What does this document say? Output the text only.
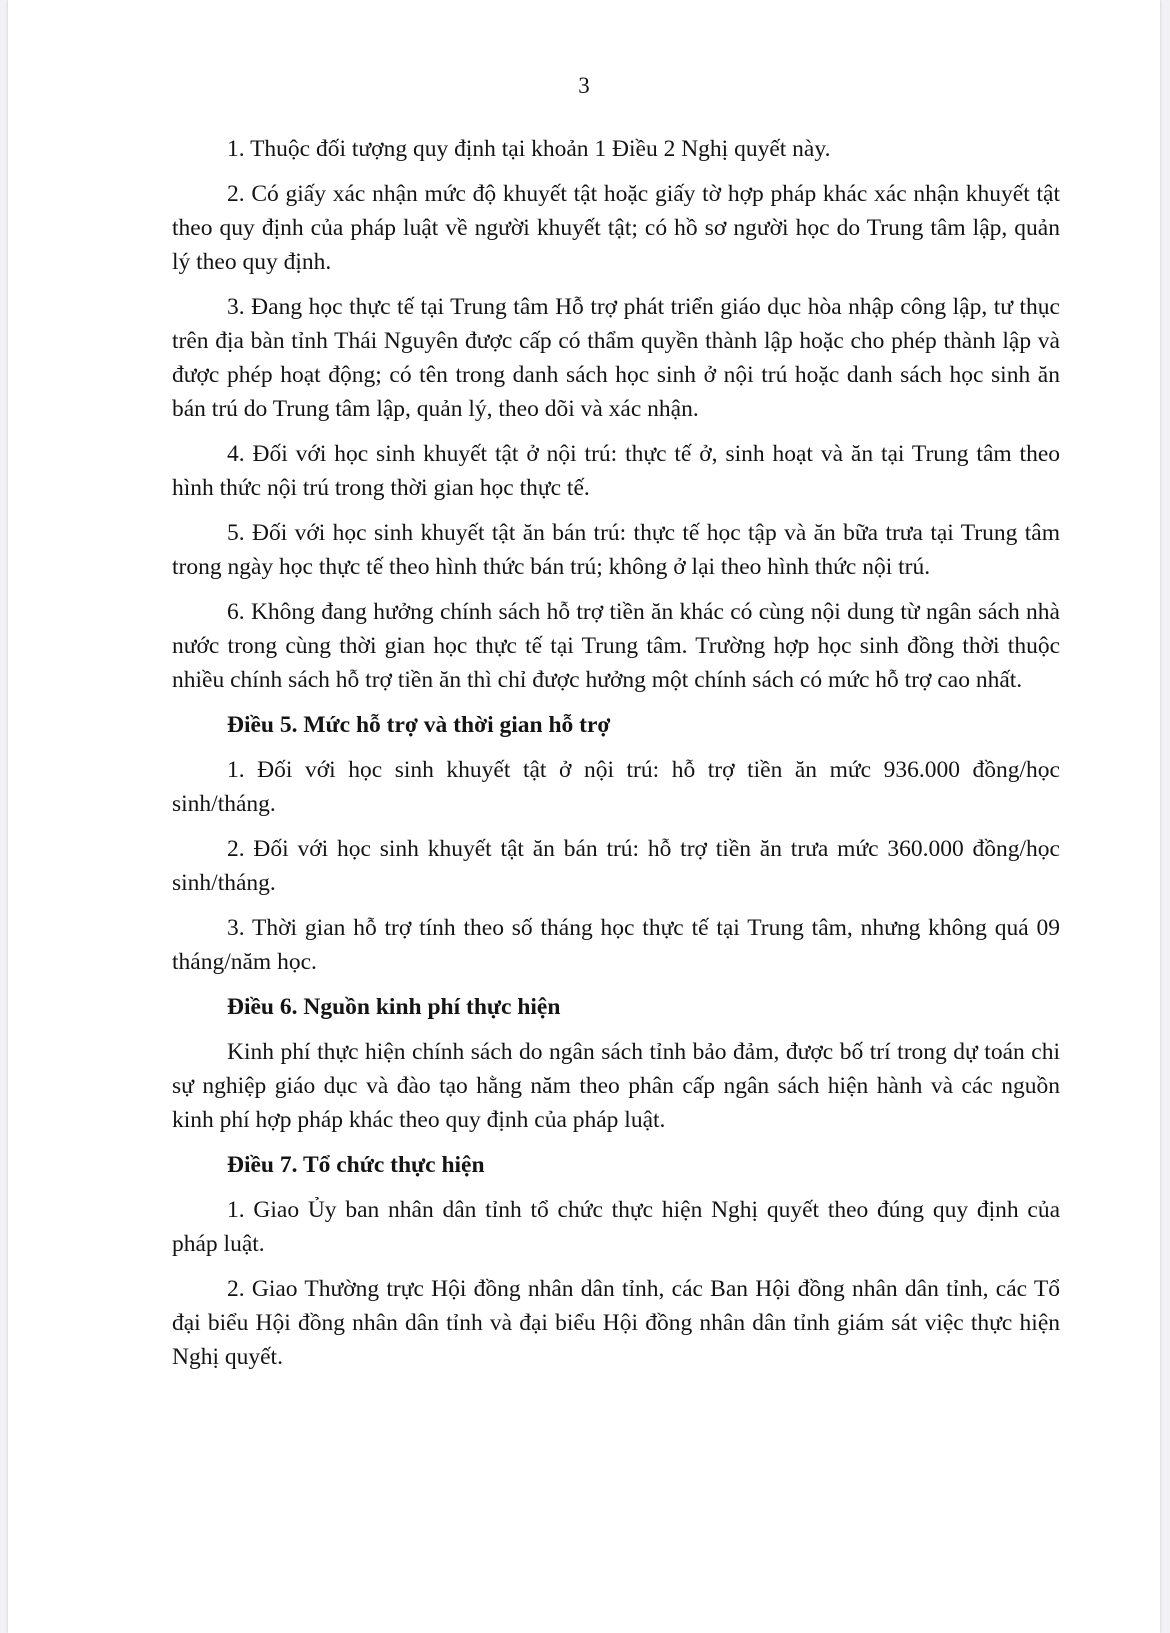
3

1. Thuộc đối tượng quy định tại khoản 1 Điều 2 Nghị quyết này.

2. Có giấy xác nhận mức độ khuyết tật hoặc giấy tờ hợp pháp khác xác nhận khuyết tật theo quy định của pháp luật về người khuyết tật; có hồ sơ người học do Trung tâm lập, quản lý theo quy định.

3. Đang học thực tế tại Trung tâm Hỗ trợ phát triển giáo dục hòa nhập công lập, tư thục trên địa bàn tỉnh Thái Nguyên được cấp có thẩm quyền thành lập hoặc cho phép thành lập và được phép hoạt động; có tên trong danh sách học sinh ở nội trú hoặc danh sách học sinh ăn bán trú do Trung tâm lập, quản lý, theo dõi và xác nhận.

4. Đối với học sinh khuyết tật ở nội trú: thực tế ở, sinh hoạt và ăn tại Trung tâm theo hình thức nội trú trong thời gian học thực tế.

5. Đối với học sinh khuyết tật ăn bán trú: thực tế học tập và ăn bữa trưa tại Trung tâm trong ngày học thực tế theo hình thức bán trú; không ở lại theo hình thức nội trú.

6. Không đang hưởng chính sách hỗ trợ tiền ăn khác có cùng nội dung từ ngân sách nhà nước trong cùng thời gian học thực tế tại Trung tâm. Trường hợp học sinh đồng thời thuộc nhiều chính sách hỗ trợ tiền ăn thì chỉ được hưởng một chính sách có mức hỗ trợ cao nhất.

Điều 5. Mức hỗ trợ và thời gian hỗ trợ

1. Đối với học sinh khuyết tật ở nội trú: hỗ trợ tiền ăn mức 936.000 đồng/học sinh/tháng.

2. Đối với học sinh khuyết tật ăn bán trú: hỗ trợ tiền ăn trưa mức 360.000 đồng/học sinh/tháng.

3. Thời gian hỗ trợ tính theo số tháng học thực tế tại Trung tâm, nhưng không quá 09 tháng/năm học.

Điều 6. Nguồn kinh phí thực hiện

Kinh phí thực hiện chính sách do ngân sách tỉnh bảo đảm, được bố trí trong dự toán chi sự nghiệp giáo dục và đào tạo hằng năm theo phân cấp ngân sách hiện hành và các nguồn kinh phí hợp pháp khác theo quy định của pháp luật.

Điều 7. Tổ chức thực hiện

1. Giao Ủy ban nhân dân tỉnh tổ chức thực hiện Nghị quyết theo đúng quy định của pháp luật.

2. Giao Thường trực Hội đồng nhân dân tỉnh, các Ban Hội đồng nhân dân tỉnh, các Tổ đại biểu Hội đồng nhân dân tỉnh và đại biểu Hội đồng nhân dân tỉnh giám sát việc thực hiện Nghị quyết.
